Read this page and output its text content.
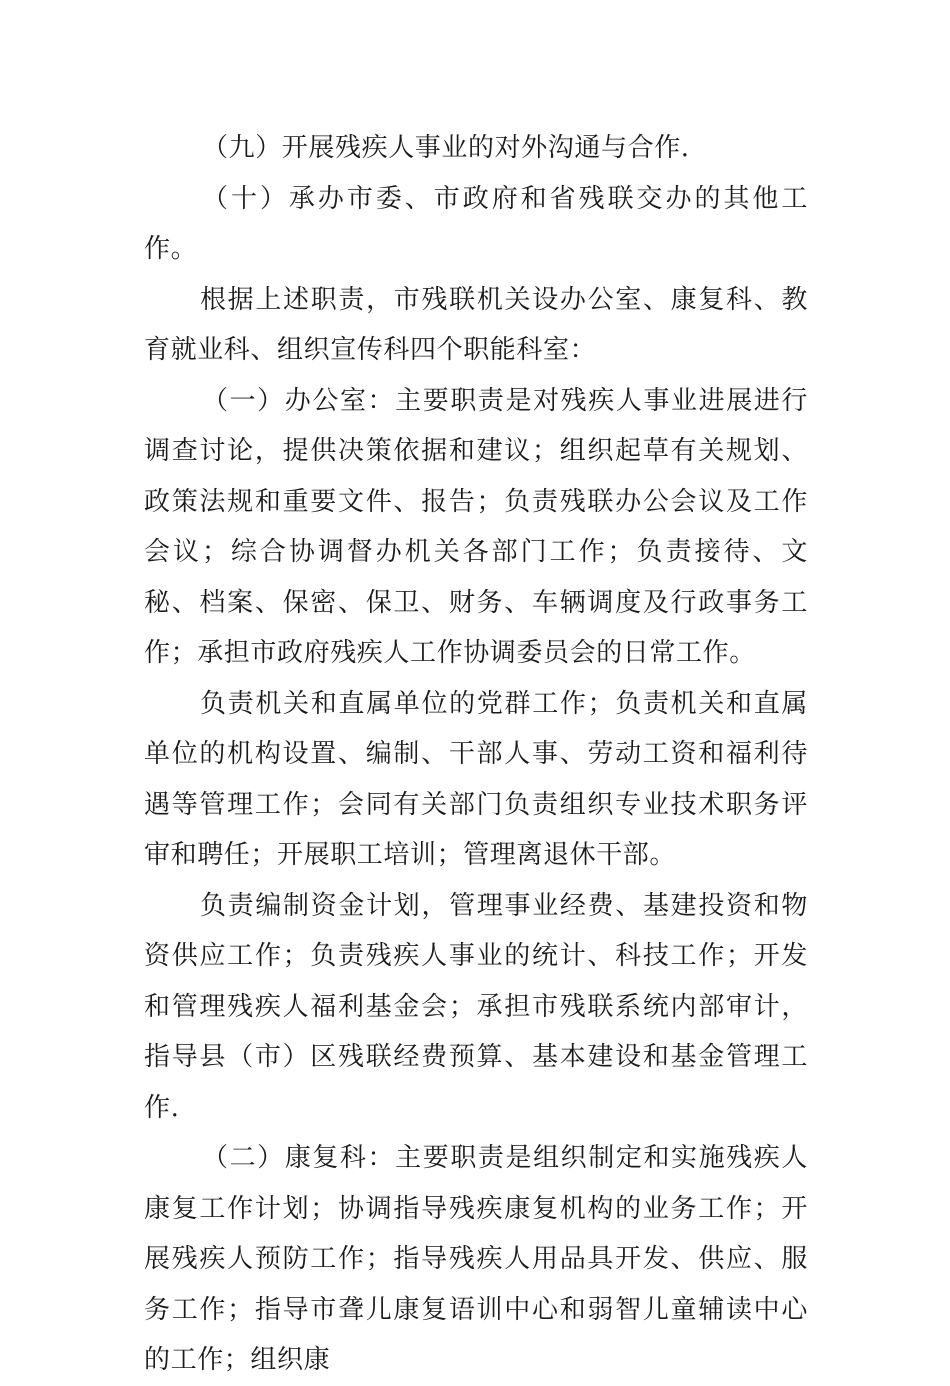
（九）开展残疾人事业的对外沟通与合作.

（十）承办市委、市政府和省残联交办的其他工作。

根据上述职责，市残联机关设办公室、康复科、教育就业科、组织宣传科四个职能科室：

（一）办公室：主要职责是对残疾人事业进展进行调查讨论，提供决策依据和建议；组织起草有关规划、政策法规和重要文件、报告；负责残联办公会议及工作会议；综合协调督办机关各部门工作；负责接待、文秘、档案、保密、保卫、财务、车辆调度及行政事务工作；承担市政府残疾人工作协调委员会的日常工作。

负责机关和直属单位的党群工作；负责机关和直属单位的机构设置、编制、干部人事、劳动工资和福利待遇等管理工作；会同有关部门负责组织专业技术职务评审和聘任；开展职工培训；管理离退休干部。

负责编制资金计划，管理事业经费、基建投资和物资供应工作；负责残疾人事业的统计、科技工作；开发和管理残疾人福利基金会；承担市残联系统内部审计，指导县（市）区残联经费预算、基本建设和基金管理工作.

（二）康复科：主要职责是组织制定和实施残疾人康复工作计划；协调指导残疾康复机构的业务工作；开展残疾人预防工作；指导残疾人用品具开发、供应、服务工作；指导市聋儿康复语训中心和弱智儿童辅读中心的工作；组织康
